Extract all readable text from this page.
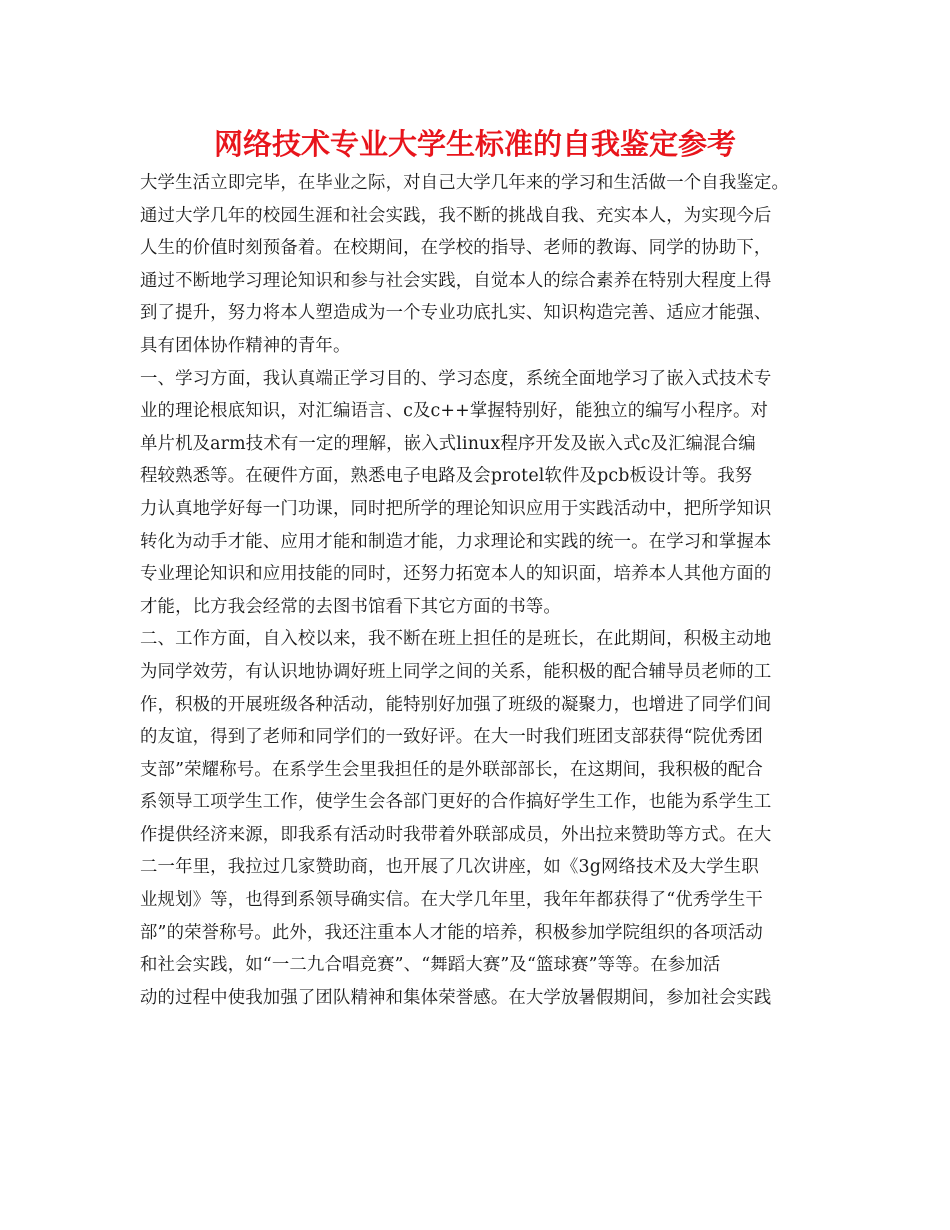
网络技术专业大学生标准的自我鉴定参考
大学生活立即完毕，在毕业之际，对自己大学几年来的学习和生活做一个自我鉴定。
通过大学几年的校园生涯和社会实践，我不断的挑战自我、充实本人，为实现今后
人生的价值时刻预备着。在校期间，在学校的指导、老师的教诲、同学的协助下，
通过不断地学习理论知识和参与社会实践，自觉本人的综合素养在特别大程度上得
到了提升，努力将本人塑造成为一个专业功底扎实、知识构造完善、适应才能强、
具有团体协作精神的青年。
一、学习方面，我认真端正学习目的、学习态度，系统全面地学习了嵌入式技术专
业的理论根底知识，对汇编语言、c及c++掌握特别好，能独立的编写小程序。对
单片机及arm技术有一定的理解，嵌入式linux程序开发及嵌入式c及汇编混合编
程较熟悉等。在硬件方面，熟悉电子电路及会protel软件及pcb板设计等。我努
力认真地学好每一门功课，同时把所学的理论知识应用于实践活动中，把所学知识
转化为动手才能、应用才能和制造才能，力求理论和实践的统一。在学习和掌握本
专业理论知识和应用技能的同时，还努力拓宽本人的知识面，培养本人其他方面的
才能，比方我会经常的去图书馆看下其它方面的书等。
二、工作方面，自入校以来，我不断在班上担任的是班长，在此期间，积极主动地
为同学效劳，有认识地协调好班上同学之间的关系，能积极的配合辅导员老师的工
作，积极的开展班级各种活动，能特别好加强了班级的凝聚力，也增进了同学们间
的友谊，得到了老师和同学们的一致好评。在大一时我们班团支部获得“院优秀团
支部”荣耀称号。在系学生会里我担任的是外联部部长，在这期间，我积极的配合
系领导工项学生工作，使学生会各部门更好的合作搞好学生工作，也能为系学生工
作提供经济来源，即我系有活动时我带着外联部成员，外出拉来赞助等方式。在大
二一年里，我拉过几家赞助商，也开展了几次讲座，如《3g网络技术及大学生职
业规划》等，也得到系领导确实信。在大学几年里，我年年都获得了“优秀学生干
部”的荣誉称号。此外，我还注重本人才能的培养，积极参加学院组织的各项活动
和社会实践，如“一二九合唱竞赛”、“舞蹈大赛”及“篮球赛”等等。在参加活
动的过程中使我加强了团队精神和集体荣誉感。在大学放暑假期间，参加社会实践
